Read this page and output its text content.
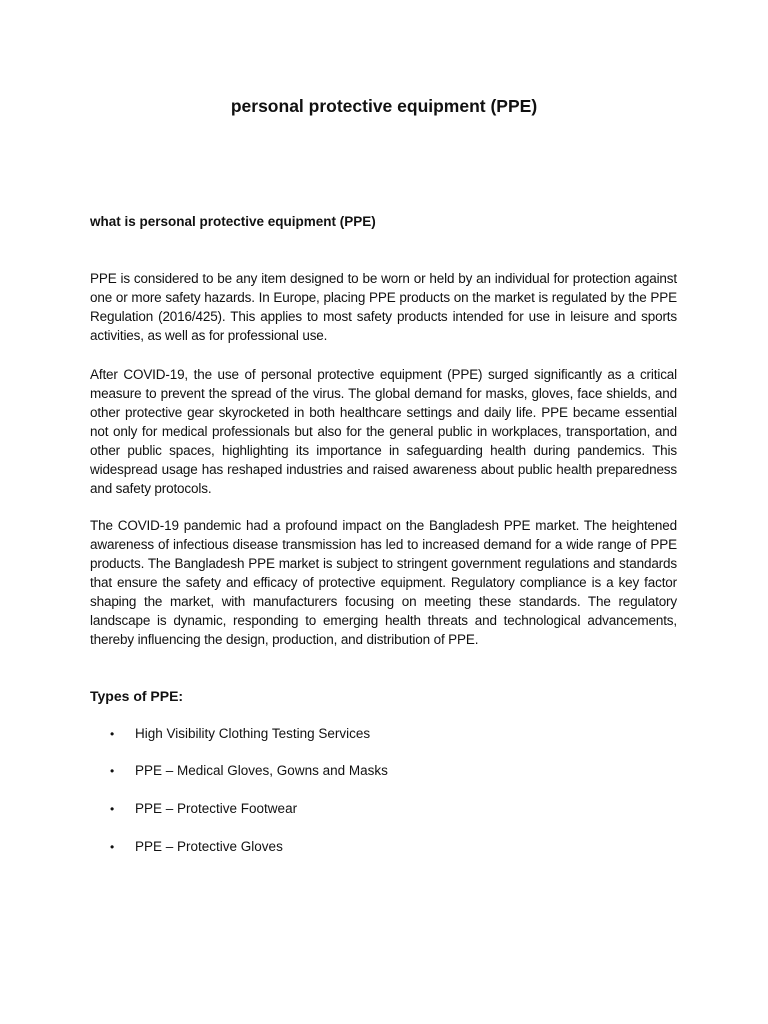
personal protective equipment (PPE)
what is personal protective equipment (PPE)

PPE is considered to be any item designed to be worn or held by an individual for protection against one or more safety hazards. In Europe, placing PPE products on the market is regulated by the PPE Regulation (2016/425). This applies to most safety products intended for use in leisure and sports activities, as well as for professional use.

After COVID-19, the use of personal protective equipment (PPE) surged significantly as a critical measure to prevent the spread of the virus. The global demand for masks, gloves, face shields, and other protective gear skyrocketed in both healthcare settings and daily life. PPE became essential not only for medical professionals but also for the general public in workplaces, transportation, and other public spaces, highlighting its importance in safeguarding health during pandemics. This widespread usage has reshaped industries and raised awareness about public health preparedness and safety protocols.

The COVID-19 pandemic had a profound impact on the Bangladesh PPE market. The heightened awareness of infectious disease transmission has led to increased demand for a wide range of PPE products. The Bangladesh PPE market is subject to stringent government regulations and standards that ensure the safety and efficacy of protective equipment. Regulatory compliance is a key factor shaping the market, with manufacturers focusing on meeting these standards. The regulatory landscape is dynamic, responding to emerging health threats and technological advancements, thereby influencing the design, production, and distribution of PPE.

Types of PPE:
• High Visibility Clothing Testing Services
• PPE – Medical Gloves, Gowns and Masks
• PPE – Protective Footwear
• PPE – Protective Gloves
